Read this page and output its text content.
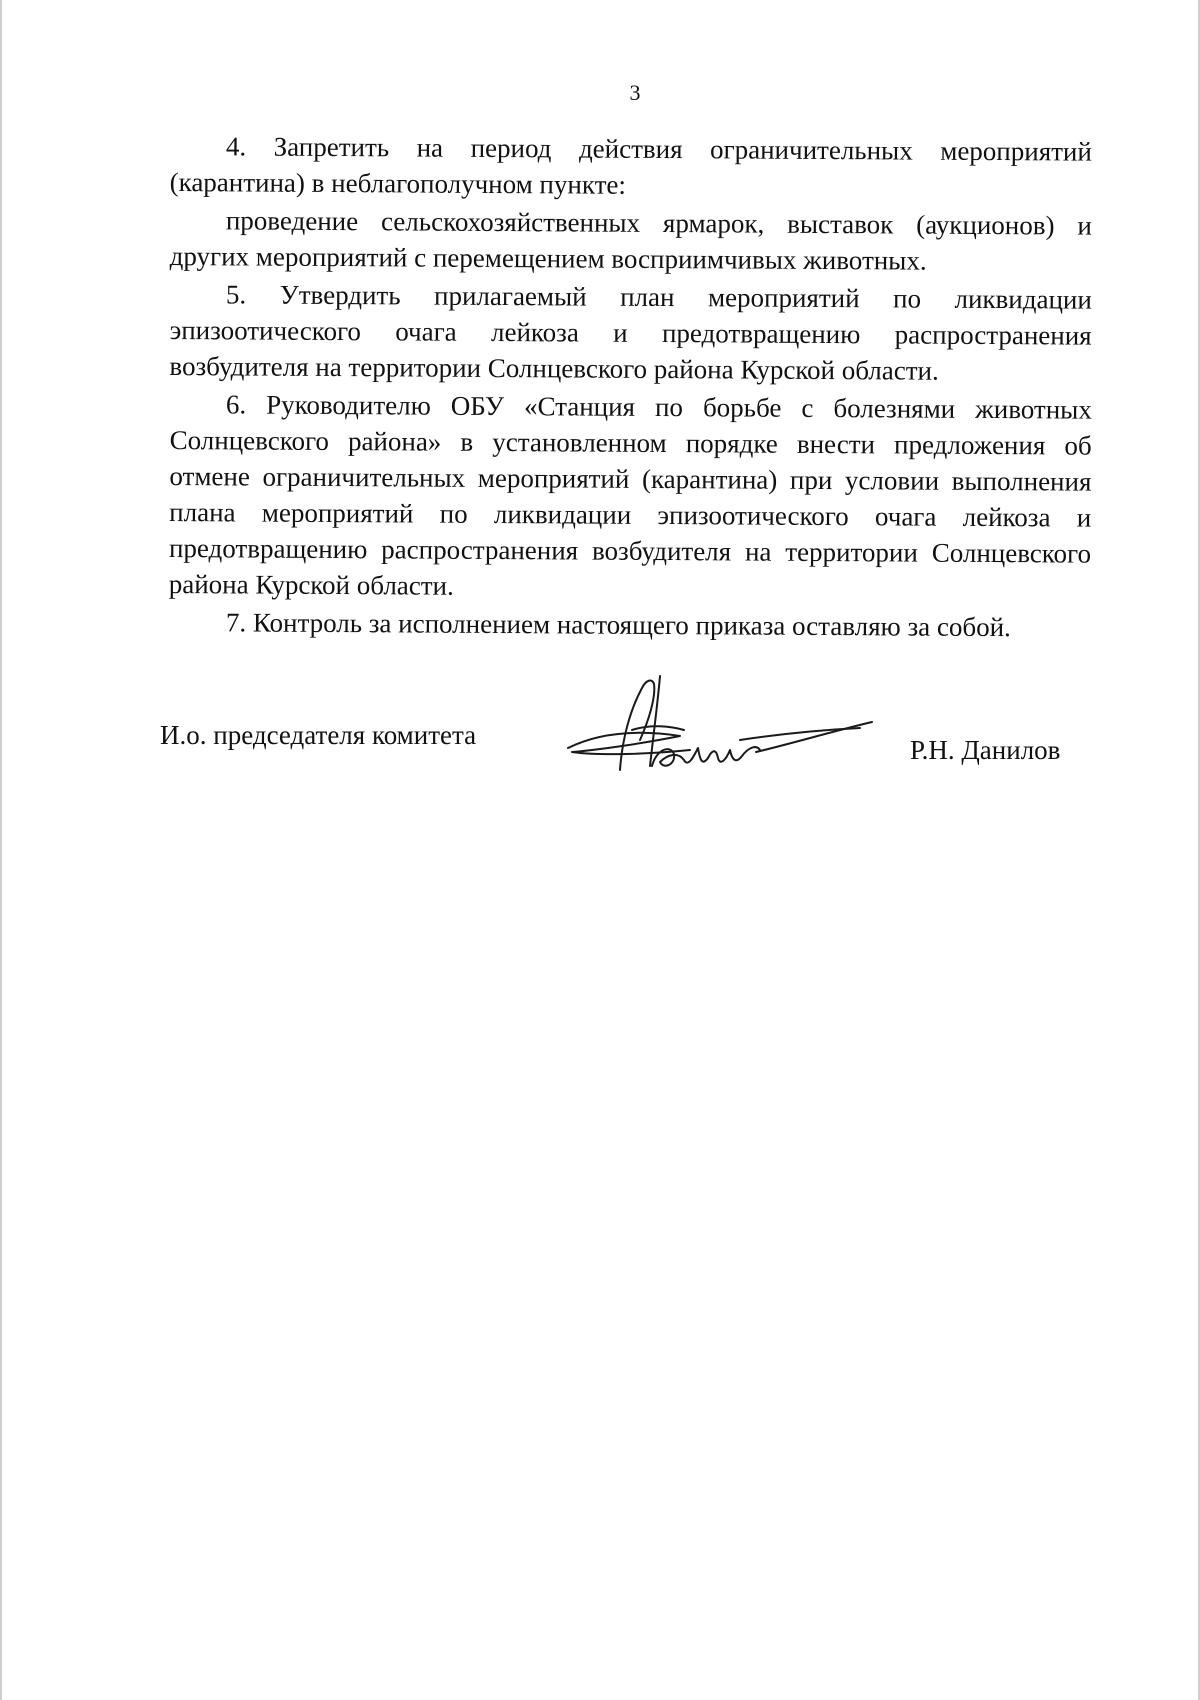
3

4. Запретить на период действия ограничительных мероприятий (карантина) в неблагополучном пункте:

проведение сельскохозяйственных ярмарок, выставок (аукционов) и других мероприятий с перемещением восприимчивых животных.

5. Утвердить прилагаемый план мероприятий по ликвидации эпизоотического очага лейкоза и предотвращению распространения возбудителя на территории Солнцевского района Курской области.

6. Руководителю ОБУ «Станция по борьбе с болезнями животных Солнцевского района» в установленном порядке внести предложения об отмене ограничительных мероприятий (карантина) при условии выполнения плана мероприятий по ликвидации эпизоотического очага лейкоза и предотвращению распространения возбудителя на территории Солнцевского района Курской области.

7. Контроль за исполнением настоящего приказа оставляю за собой.

И.о. председателя комитета	Р.Н. Данилов
